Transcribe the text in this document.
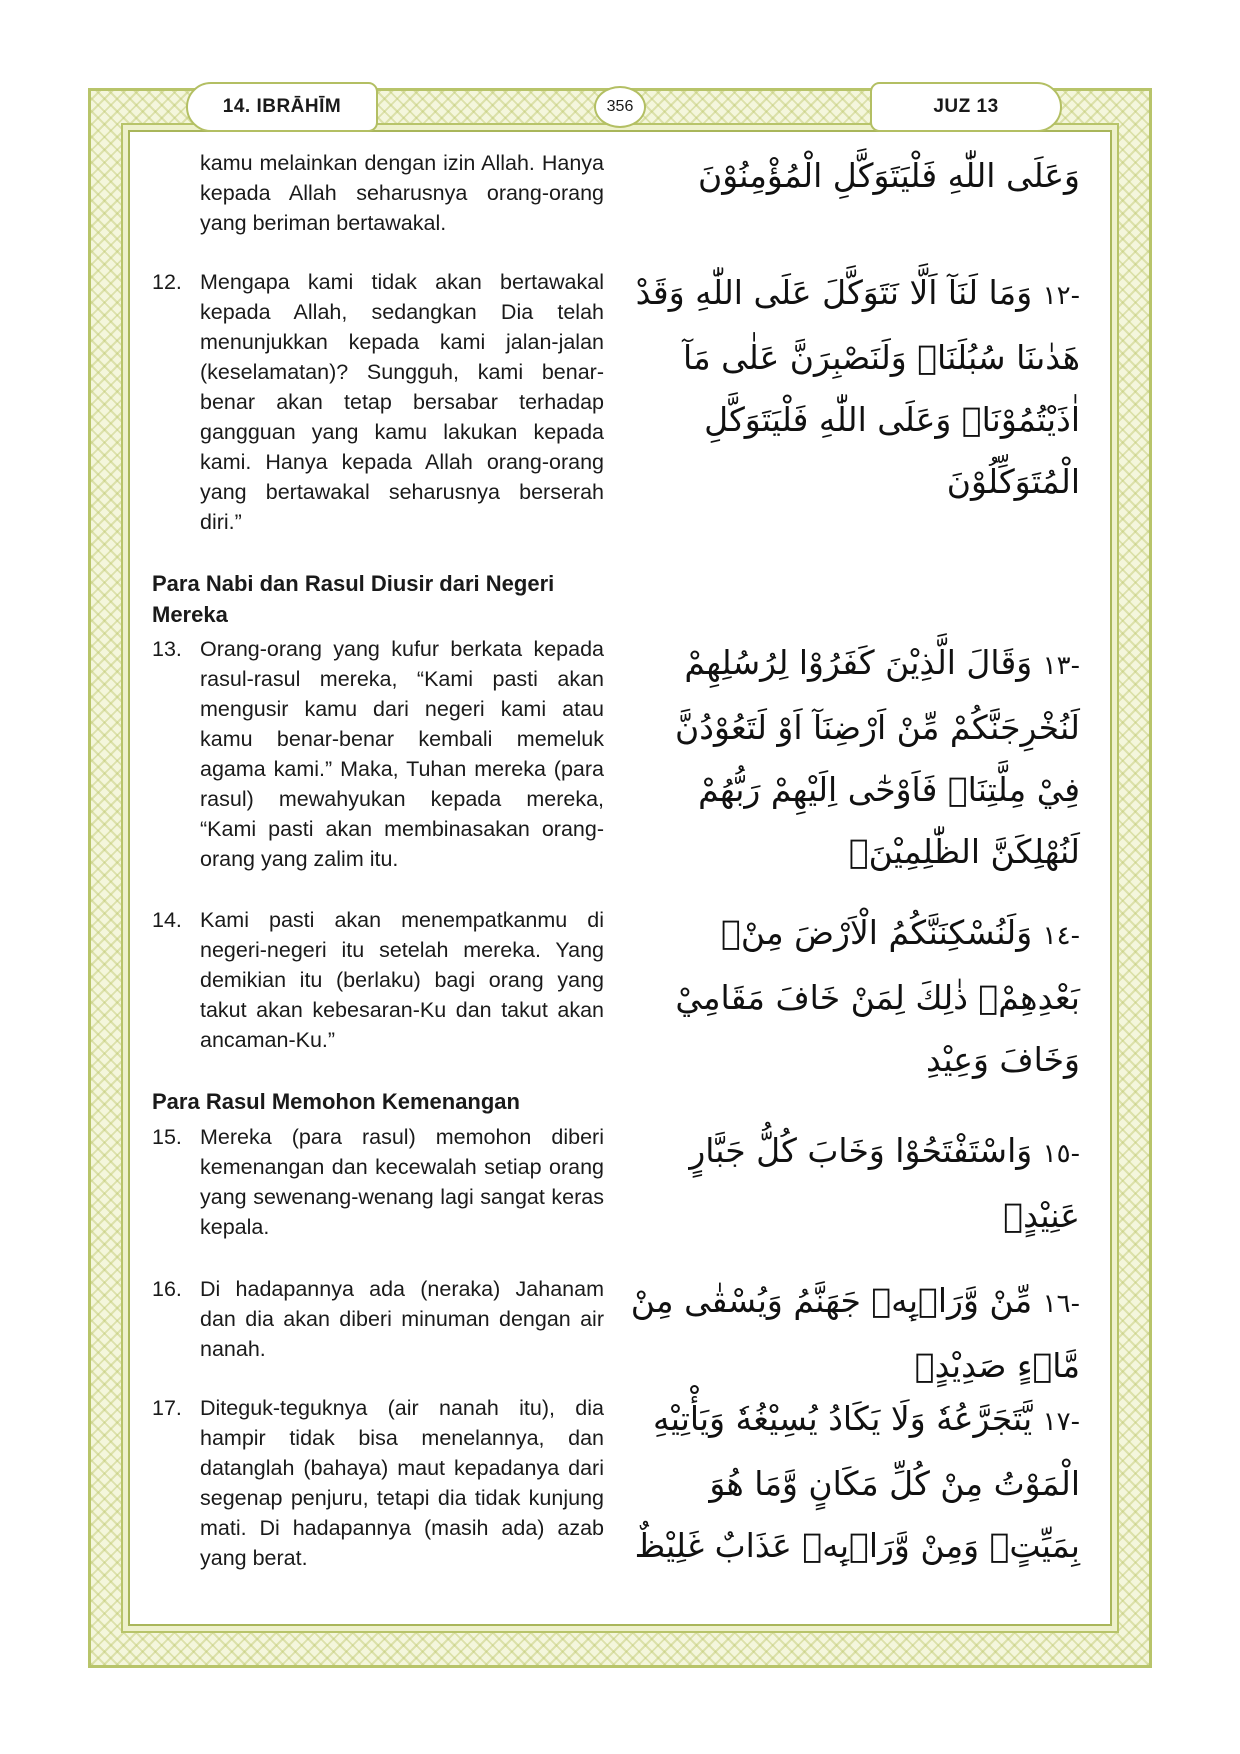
14. IBRĀHĪM	356	JUZ 13
kamu melainkan dengan izin Allah. Hanya kepada Allah seharusnya orang-orang yang beriman bertawakal.
وَعَلَى اللّٰهِ فَلْيَتَوَكَّلِ الْمُؤْمِنُوْنَ
12. Mengapa kami tidak akan bertawakal kepada Allah, sedangkan Dia telah menunjukkan kepada kami jalan-jalan (keselamatan)? Sungguh, kami benar-benar akan tetap bersabar terhadap gangguan yang kamu lakukan kepada kami. Hanya kepada Allah orang-orang yang bertawakal seharusnya berserah diri.”
-١٢ وَمَا لَنَآ اَلَّا نَتَوَكَّلَ عَلَى اللّٰهِ وَقَدْ هَدٰىنَا سُبُلَنَاۗ وَلَنَصْبِرَنَّ عَلٰى مَآ اٰذَيْتُمُوْنَاۗ وَعَلَى اللّٰهِ فَلْيَتَوَكَّلِ الْمُتَوَكِّلُوْنَ
Para Nabi dan Rasul Diusir dari Negeri Mereka
13. Orang-orang yang kufur berkata kepada rasul-rasul mereka, “Kami pasti akan mengusir kamu dari negeri kami atau kamu benar-benar kembali memeluk agama kami.” Maka, Tuhan mereka (para rasul) mewahyukan kepada mereka, “Kami pasti akan membinasakan orang-orang yang zalim itu.
-١٣ وَقَالَ الَّذِيْنَ كَفَرُوْا لِرُسُلِهِمْ لَنُخْرِجَنَّكُمْ مِّنْ اَرْضِنَآ اَوْ لَتَعُوْدُنَّ فِيْ مِلَّتِنَاۗ فَاَوْحٰٓى اِلَيْهِمْ رَبُّهُمْ لَنُهْلِكَنَّ الظّٰلِمِيْنَۙ
14. Kami pasti akan menempatkanmu di negeri-negeri itu setelah mereka. Yang demikian itu (berlaku) bagi orang yang takut akan kebesaran-Ku dan takut akan ancaman-Ku.”
-١٤ وَلَنُسْكِنَنَّكُمُ الْاَرْضَ مِنْۢ بَعْدِهِمْۗ ذٰلِكَ لِمَنْ خَافَ مَقَامِيْ وَخَافَ وَعِيْدِ
Para Rasul Memohon Kemenangan
15. Mereka (para rasul) memohon diberi kemenangan dan kecewalah setiap orang yang sewenang-wenang lagi sangat keras kepala.
-١٥ وَاسْتَفْتَحُوْا وَخَابَ كُلُّ جَبَّارٍ عَنِيْدٍۙ
16. Di hadapannya ada (neraka) Jahanam dan dia akan diberi minuman dengan air nanah.
-١٦ مِّنْ وَّرَاۤىِٕهٖ جَهَنَّمُ وَيُسْقٰى مِنْ مَّاۤءٍ صَدِيْدٍۙ
17. Diteguk-teguknya (air nanah itu), dia hampir tidak bisa menelannya, dan datanglah (bahaya) maut kepadanya dari segenap penjuru, tetapi dia tidak kunjung mati. Di hadapannya (masih ada) azab yang berat.
-١٧ يَّتَجَرَّعُهٗ وَلَا يَكَادُ يُسِيْغُهٗ وَيَأْتِيْهِ الْمَوْتُ مِنْ كُلِّ مَكَانٍ وَّمَا هُوَ بِمَيِّتٍۗ وَمِنْ وَّرَاۤىِٕهٖ عَذَابٌ غَلِيْظٌ
